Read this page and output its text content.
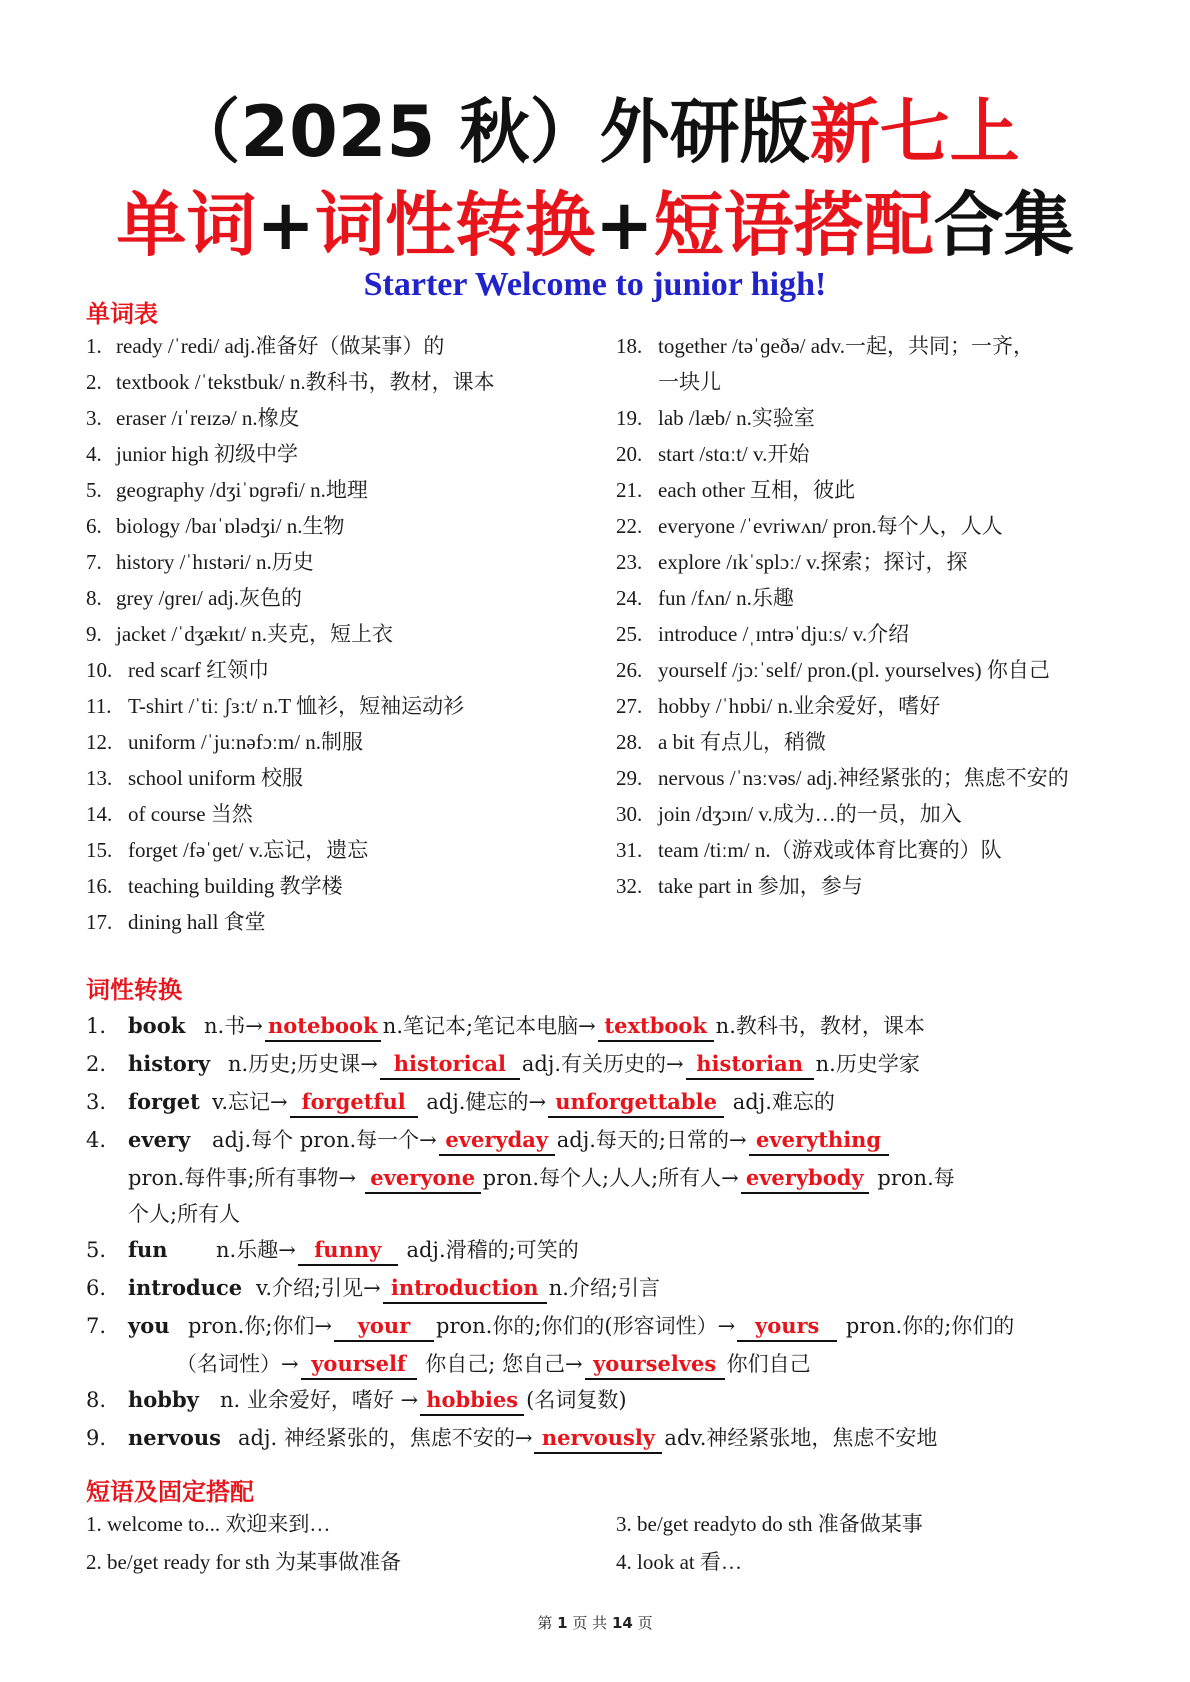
（2025 秋）外研版新七上
单词+词性转换+短语搭配合集
Starter Welcome to junior high!
单词表
1. ready /ˈredi/ adj.准备好（做某事）的
2. textbook /ˈtekstbuk/ n.教科书，教材，课本
3. eraser /ɪˈreɪzə/ n.橡皮
4. junior high 初级中学
5. geography /dʒiˈɒɡrəfi/ n.地理
6. biology /baɪˈɒlədʒi/ n.生物
7. history /ˈhɪstəri/ n.历史
8. grey /ɡreɪ/ adj.灰色的
9. jacket /ˈdʒækɪt/ n.夹克，短上衣
10. red scarf 红领巾
11. T-shirt /ˈtiː ʃɜːt/ n.T 恤衫，短袖运动衫
12. uniform /ˈjuːnəfɔːm/ n.制服
13. school uniform 校服
14. of course 当然
15. forget /fəˈɡet/ v.忘记，遗忘
16. teaching building 教学楼
17. dining hall 食堂
18. together /təˈɡeðə/ adv.一起，共同；一齐，
一块儿
19. lab /læb/ n.实验室
20. start /stɑːt/ v.开始
21. each other 互相，彼此
22. everyone /ˈevriwʌn/ pron.每个人，人人
23. explore /ɪkˈsplɔː/ v.探索；探讨，探
24. fun /fʌn/ n.乐趣
25. introduce /ˌɪntrəˈdjuːs/ v.介绍
26. yourself /jɔːˈself/ pron.(pl. yourselves) 你自己
27. hobby /ˈhɒbi/ n.业余爱好，嗜好
28. a bit 有点儿，稍微
29. nervous /ˈnɜːvəs/ adj.神经紧张的；焦虑不安的
30. join /dʒɔɪn/ v.成为…的一员，加入
31. team /tiːm/ n.（游戏或体育比赛的）队
32. take part in 参加，参与
词性转换
1. book n.书→ notebook n.笔记本;笔记本电脑→ textbook n.教科书，教材，课本
2. history n.历史;历史课→ historical adj.有关历史的→ historian n.历史学家
3. forget v.忘记→ forgetful adj.健忘的→ unforgettable adj.难忘的
4. every adj.每个 pron.每一个→ everyday adj.每天的;日常的→ everything
pron.每件事;所有事物→ everyone pron.每个人;人人;所有人→ everybody pron.每
个人;所有人
5. fun n.乐趣→ funny adj.滑稽的;可笑的
6. introduce v.介绍;引见→ introduction n.介绍;引言
7. you pron.你;你们→ your pron.你的;你们的(形容词性）→ yours pron.你的;你们的
（名词性）→ yourself 你自己; 您自己→ yourselves 你们自己
8. hobby n. 业余爱好，嗜好 → hobbies (名词复数)
9. nervous adj. 神经紧张的，焦虑不安的→ nervously adv.神经紧张地，焦虑不安地
短语及固定搭配
1. welcome to... 欢迎来到…
2. be/get ready for sth 为某事做准备
3. be/get readyto do sth 准备做某事
4. look at 看…
第 1 页 共 14 页
